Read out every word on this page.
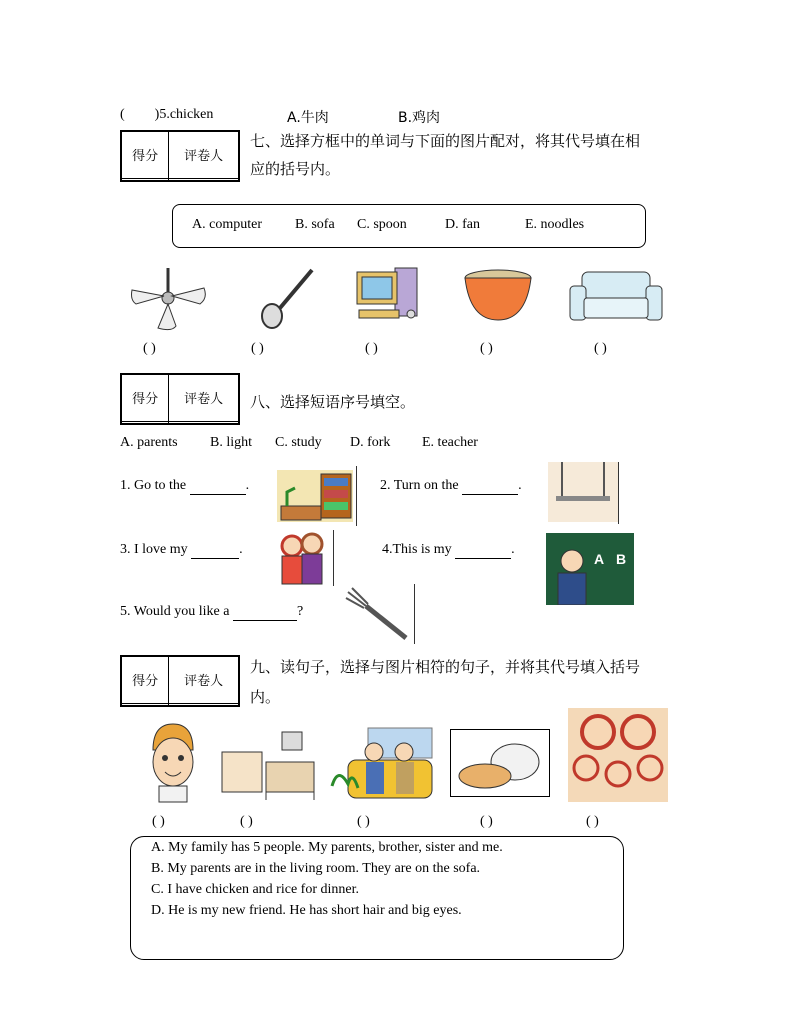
( )5.chicken	A.牛肉	B.鸡肉
得分	评卷人

七、选择方框中的单词与下面的图片配对，将其代号填在相
应的括号内。
A. computer B. sofa C. spoon	D. fan	E. noodles
( )	( )	( )	( )	( )
得分	评卷人
	八、选择短语序号填空。
A. parents B. light C. study D. fork E. teacher
1. Go to the	.	2. Turn on the	.
3. I love my	.	4.This is my	.
A B
5. Would you like a	?
得分	评卷人

九、读句子，选择与图片相符的句子，并将其代号填入括号
内。
( )	( )	( )	( )	( )
A. My family has 5 people. My parents, brother, sister and me.
B. My parents are in the living room. They are on the sofa.
C. I have chicken and rice for dinner.
D. He is my new friend. He has short hair and big eyes.
